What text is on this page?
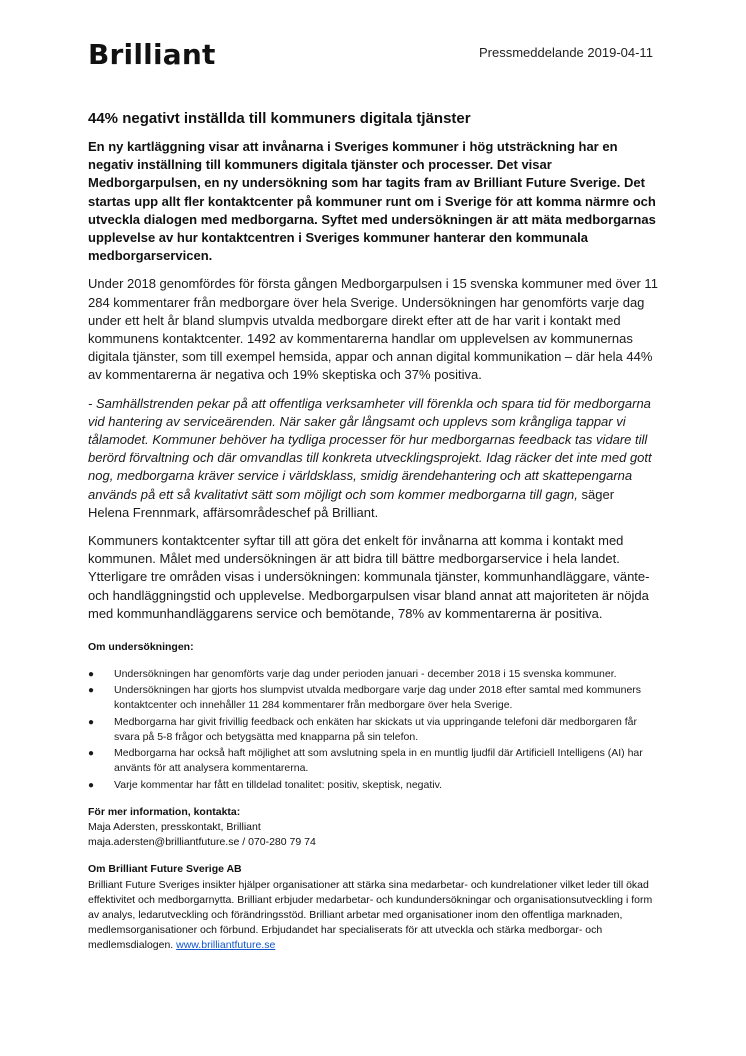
Brilliant	Pressmeddelande 2019-04-11
44% negativt inställda till kommuners digitala tjänster

En ny kartläggning visar att invånarna i Sveriges kommuner i hög utsträckning har en negativ inställning till kommuners digitala tjänster och processer. Det visar Medborgarpulsen, en ny undersökning som har tagits fram av Brilliant Future Sverige. Det startas upp allt fler kontaktcenter på kommuner runt om i Sverige för att komma närmre och utveckla dialogen med medborgarna. Syftet med undersökningen är att mäta medborgarnas upplevelse av hur kontaktcentren i Sveriges kommuner hanterar den kommunala medborgarservicen.

Under 2018 genomfördes för första gången Medborgarpulsen i 15 svenska kommuner med över 11 284 kommentarer från medborgare över hela Sverige. Undersökningen har genomförts varje dag under ett helt år bland slumpvis utvalda medborgare direkt efter att de har varit i kontakt med kommunens kontaktcenter. 1492 av kommentarerna handlar om upplevelsen av kommunernas digitala tjänster, som till exempel hemsida, appar och annan digital kommunikation – där hela 44% av kommentarerna är negativa och 19% skeptiska och 37% positiva.

- Samhällstrenden pekar på att offentliga verksamheter vill förenkla och spara tid för medborgarna vid hantering av serviceärenden. När saker går långsamt och upplevs som krångliga tappar vi tålamodet. Kommuner behöver ha tydliga processer för hur medborgarnas feedback tas vidare till berörd förvaltning och där omvandlas till konkreta utvecklingsprojekt. Idag räcker det inte med gott nog, medborgarna kräver service i världsklass, smidig ärendehantering och att skattepengarna används på ett så kvalitativt sätt som möjligt och som kommer medborgarna till gagn, säger Helena Frennmark, affärsområdeschef på Brilliant.

Kommuners kontaktcenter syftar till att göra det enkelt för invånarna att komma i kontakt med kommunen. Målet med undersökningen är att bidra till bättre medborgarservice i hela landet. Ytterligare tre områden visas i undersökningen: kommunala tjänster, kommunhandläggare, vänte- och handläggningstid och upplevelse. Medborgarpulsen visar bland annat att majoriteten är nöjda med kommunhandläggarens service och bemötande, 78% av kommentarerna är positiva.

Om undersökningen:
● Undersökningen har genomförts varje dag under perioden januari - december 2018 i 15 svenska kommuner.
● Undersökningen har gjorts hos slumpvist utvalda medborgare varje dag under 2018 efter samtal med kommuners kontaktcenter och innehåller 11 284 kommentarer från medborgare över hela Sverige.
● Medborgarna har givit frivillig feedback och enkäten har skickats ut via uppringande telefoni där medborgaren får svara på 5-8 frågor och betygsätta med knapparna på sin telefon.
● Medborgarna har också haft möjlighet att som avslutning spela in en muntlig ljudfil där Artificiell Intelligens (AI) har använts för att analysera kommentarerna.
● Varje kommentar har fått en tilldelad tonalitet: positiv, skeptisk, negativ.
För mer information, kontakta:
Maja Adersten, presskontakt, Brilliant
maja.adersten@brilliantfuture.se / 070-280 79 74
Om Brilliant Future Sverige AB
Brilliant Future Sveriges insikter hjälper organisationer att stärka sina medarbetar- och kundrelationer vilket leder till ökad effektivitet och medborgarnytta. Brilliant erbjuder medarbetar- och kundundersökningar och organisationsutveckling i form av analys, ledarutveckling och förändringsstöd. Brilliant arbetar med organisationer inom den offentliga marknaden, medlemsorganisationer och förbund. Erbjudandet har specialiserats för att utveckla och stärka medborgar- och medlemsdialogen. www.brilliantfuture.se
